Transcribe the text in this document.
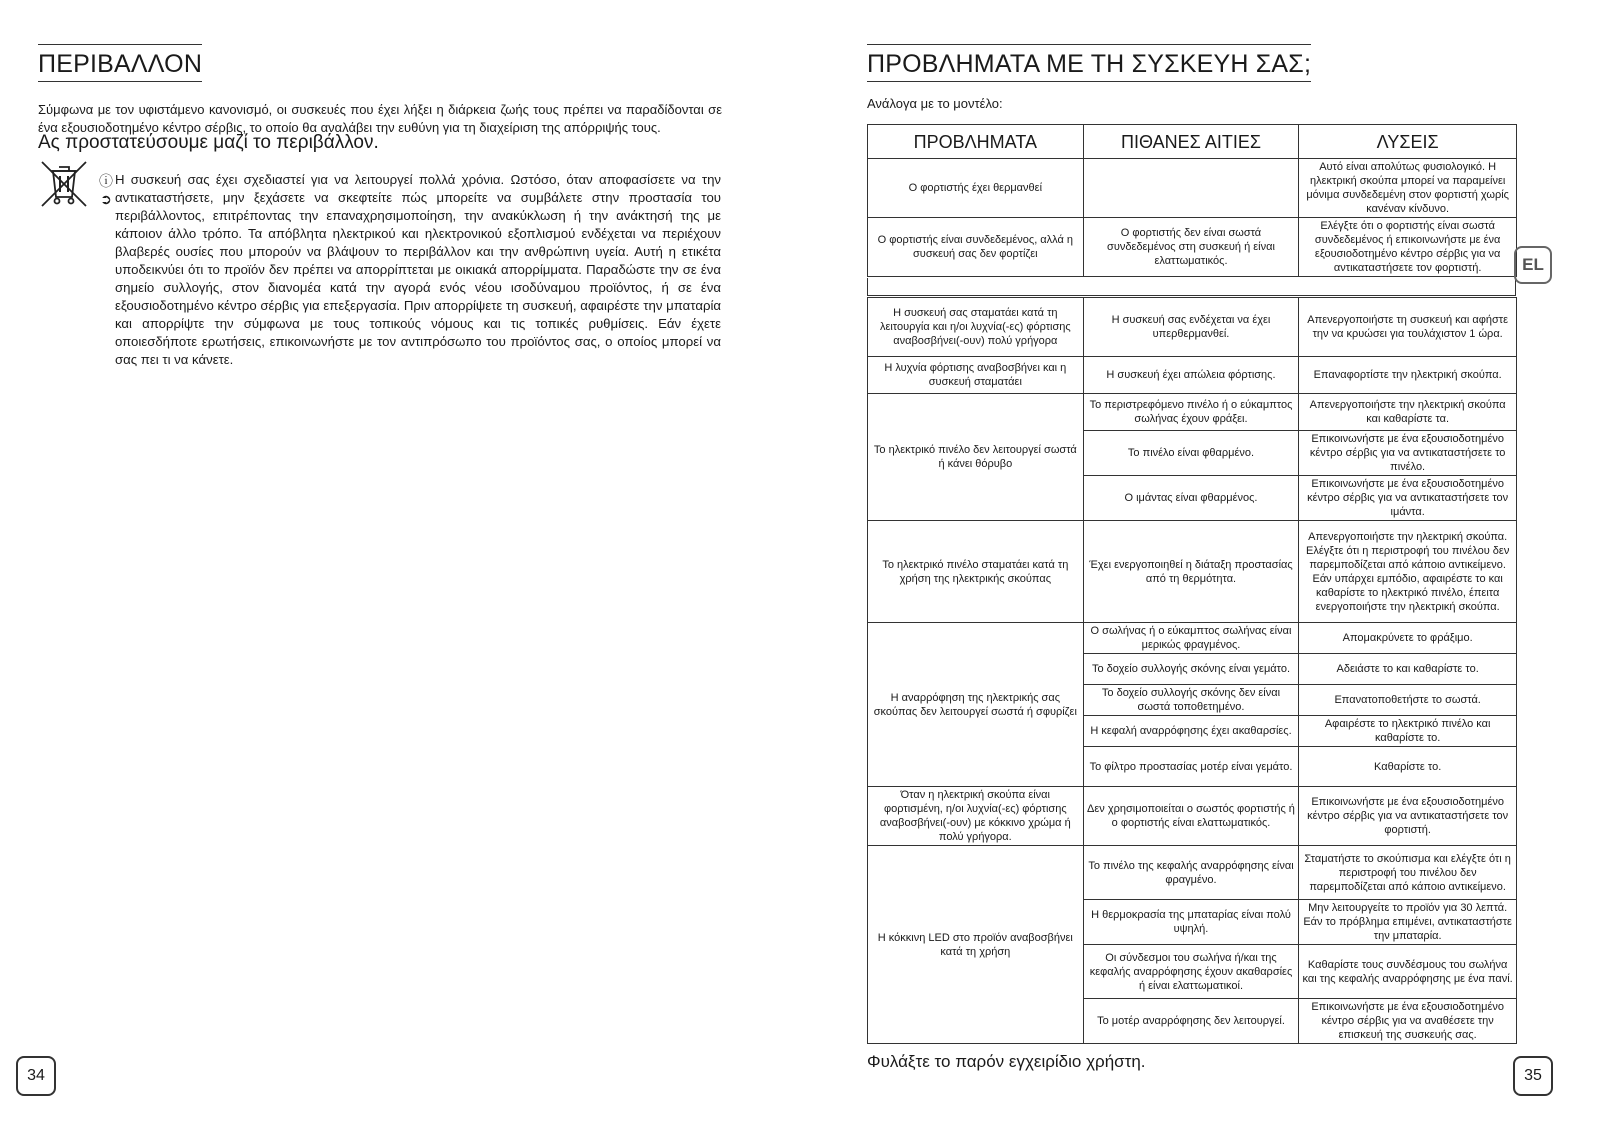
ΠΕΡΙΒΑΛΛΟΝ

Σύμφωνα με τον υφιστάμενο κανονισμό, οι συσκευές που έχει λήξει η διάρκεια ζωής τους πρέπει να παραδίδονται σε ένα εξουσιοδοτημένο κέντρο σέρβις, το οποίο θα αναλάβει την ευθύνη για τη διαχείριση της απόρριψής τους.

Ας προστατεύσουμε μαζί το περιβάλλον.

ⓘ
➲

Η συσκευή σας έχει σχεδιαστεί για να λειτουργεί πολλά χρόνια. Ωστόσο, όταν αποφασίσετε να την αντικαταστήσετε, μην ξεχάσετε να σκεφτείτε πώς μπορείτε να συμβάλετε στην προστασία του περιβάλλοντος, επιτρέποντας την επαναχρησιμοποίηση, την ανακύκλωση ή την ανάκτησή της με κάποιον άλλο τρόπο. Τα απόβλητα ηλεκτρικού και ηλεκτρονικού εξοπλισμού ενδέχεται να περιέχουν βλαβερές ουσίες που μπορούν να βλάψουν το περιβάλλον και την ανθρώπινη υγεία. Αυτή η ετικέτα υποδεικνύει ότι το προϊόν δεν πρέπει να απορρίπτεται με οικιακά απορρίμματα. Παραδώστε την σε ένα σημείο συλλογής, στον διανομέα κατά την αγορά ενός νέου ισοδύναμου προϊόντος, ή σε ένα εξουσιοδοτημένο κέντρο σέρβις για επεξεργασία. Πριν απορρίψετε τη συσκευή, αφαιρέστε την μπαταρία και απορρίψτε την σύμφωνα με τους τοπικούς νόμους και τις τοπικές ρυθμίσεις. Εάν έχετε οποιεσδήποτε ερωτήσεις, επικοινωνήστε με τον αντιπρόσωπο του προϊόντος σας, ο οποίος μπορεί να σας πει τι να κάνετε.

34
ΠΡΟΒΛΗΜΑΤΑ ΜΕ ΤΗ ΣΥΣΚΕΥΗ ΣΑΣ;

Ανάλογα με το μοντέλο:

ΠΡΟΒΛΗΜΑΤΑ	ΠΙΘΑΝΕΣ ΑΙΤΙΕΣ	ΛΥΣΕΙΣ
Ο φορτιστής έχει θερμανθεί		Αυτό είναι απολύτως φυσιολογικό. Η ηλεκτρική σκούπα μπορεί να παραμείνει μόνιμα συνδεδεμένη στον φορτιστή χωρίς κανέναν κίνδυνο.
Ο φορτιστής είναι συνδεδεμένος, αλλά η συσκευή σας δεν φορτίζει	Ο φορτιστής δεν είναι σωστά συνδεδεμένος στη συσκευή ή είναι ελαττωματικός.	Ελέγξτε ότι ο φορτιστής είναι σωστά συνδεδεμένος ή επικοινωνήστε με ένα εξουσιοδοτημένο κέντρο σέρβις για να αντικαταστήσετε τον φορτιστή.
Η συσκευή σας σταματάει κατά τη λειτουργία και η/οι λυχνία(-ες) φόρτισης αναβοσβήνει(-ουν) πολύ γρήγορα	Η συσκευή σας ενδέχεται να έχει υπερθερμανθεί.	Απενεργοποιήστε τη συσκευή και αφήστε την να κρυώσει για τουλάχιστον 1 ώρα.
Η λυχνία φόρτισης αναβοσβήνει και η συσκευή σταματάει	Η συσκευή έχει απώλεια φόρτισης.	Επαναφορτίστε την ηλεκτρική σκούπα.
Το ηλεκτρικό πινέλο δεν λειτουργεί σωστά ή κάνει θόρυβο	Το περιστρεφόμενο πινέλο ή ο εύκαμπτος σωλήνας έχουν φράξει.	Απενεργοποιήστε την ηλεκτρική σκούπα και καθαρίστε τα.
	Το πινέλο είναι φθαρμένο.	Επικοινωνήστε με ένα εξουσιοδοτημένο κέντρο σέρβις για να αντικαταστήσετε το πινέλο.
	Ο ιμάντας είναι φθαρμένος.	Επικοινωνήστε με ένα εξουσιοδοτημένο κέντρο σέρβις για να αντικαταστήσετε τον ιμάντα.
Το ηλεκτρικό πινέλο σταματάει κατά τη χρήση της ηλεκτρικής σκούπας	Έχει ενεργοποιηθεί η διάταξη προστασίας από τη θερμότητα.	Απενεργοποιήστε την ηλεκτρική σκούπα. Ελέγξτε ότι η περιστροφή του πινέλου δεν παρεμποδίζεται από κάποιο αντικείμενο. Εάν υπάρχει εμπόδιο, αφαιρέστε το και καθαρίστε το ηλεκτρικό πινέλο, έπειτα ενεργοποιήστε την ηλεκτρική σκούπα.
Η αναρρόφηση της ηλεκτρικής σας σκούπας δεν λειτουργεί σωστά ή σφυρίζει	Ο σωλήνας ή ο εύκαμπτος σωλήνας είναι μερικώς φραγμένος.	Απομακρύνετε το φράξιμο.
	Το δοχείο συλλογής σκόνης είναι γεμάτο.	Αδειάστε το και καθαρίστε το.
	Το δοχείο συλλογής σκόνης δεν είναι σωστά τοποθετημένο.	Επανατοποθετήστε το σωστά.
	Η κεφαλή αναρρόφησης έχει ακαθαρσίες.	Αφαιρέστε το ηλεκτρικό πινέλο και καθαρίστε το.
	Το φίλτρο προστασίας μοτέρ είναι γεμάτο.	Καθαρίστε το.
Όταν η ηλεκτρική σκούπα είναι φορτισμένη, η/οι λυχνία(-ες) φόρτισης αναβοσβήνει(-ουν) με κόκκινο χρώμα ή πολύ γρήγορα.	Δεν χρησιμοποιείται ο σωστός φορτιστής ή ο φορτιστής είναι ελαττωματικός.	Επικοινωνήστε με ένα εξουσιοδοτημένο κέντρο σέρβις για να αντικαταστήσετε τον φορτιστή.
Η κόκκινη LED στο προϊόν αναβοσβήνει κατά τη χρήση	Το πινέλο της κεφαλής αναρρόφησης είναι φραγμένο.	Σταματήστε το σκούπισμα και ελέγξτε ότι η περιστροφή του πινέλου δεν παρεμποδίζεται από κάποιο αντικείμενο.
	Η θερμοκρασία της μπαταρίας είναι πολύ υψηλή.	Μην λειτουργείτε το προϊόν για 30 λεπτά. Εάν το πρόβλημα επιμένει, αντικαταστήστε την μπαταρία.
	Οι σύνδεσμοι του σωλήνα ή/και της κεφαλής αναρρόφησης έχουν ακαθαρσίες ή είναι ελαττωματικοί.	Καθαρίστε τους συνδέσμους του σωλήνα και της κεφαλής αναρρόφησης με ένα πανί.
	Το μοτέρ αναρρόφησης δεν λειτουργεί.	Επικοινωνήστε με ένα εξουσιοδοτημένο κέντρο σέρβις για να αναθέσετε την επισκευή της συσκευής σας.

Φυλάξτε το παρόν εγχειρίδιο χρήστη.

EL
35
